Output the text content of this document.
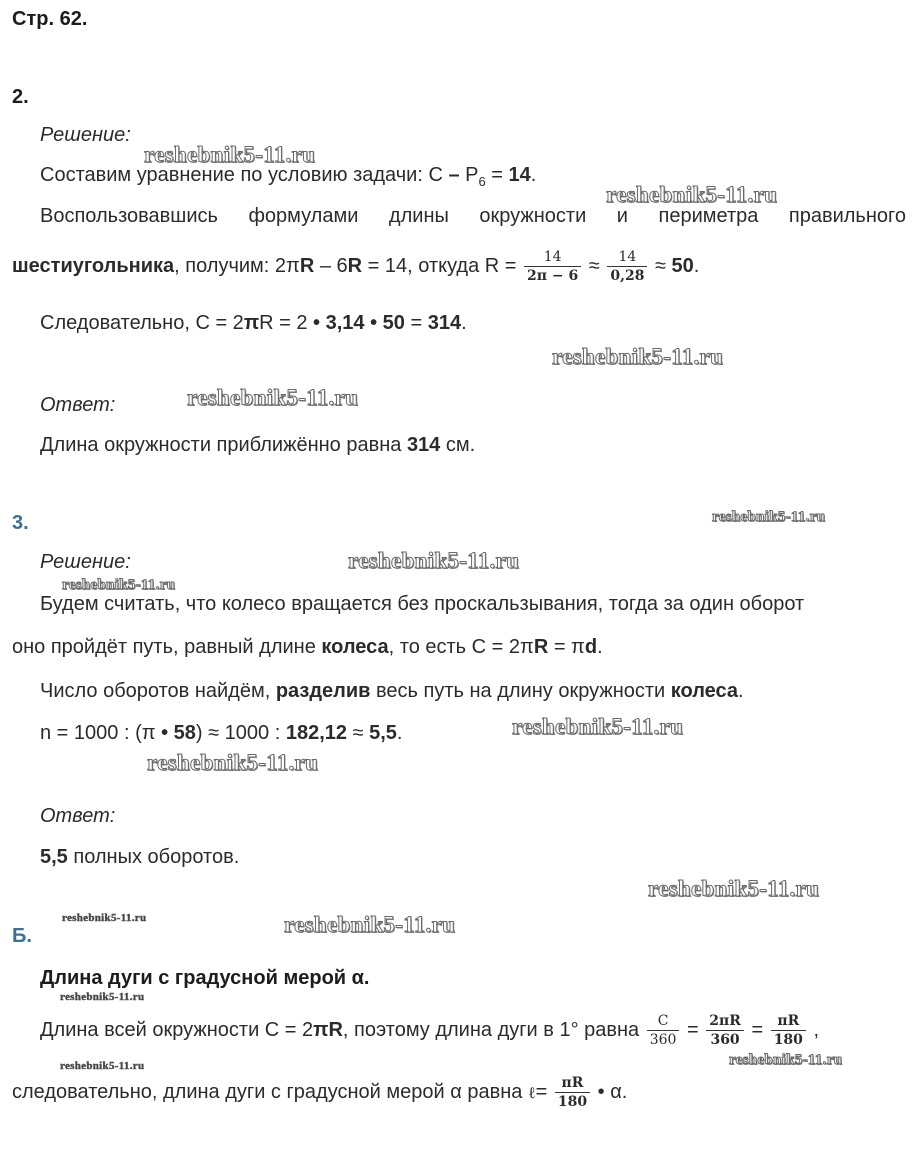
Стр. 62.
2.
Решение:
Составим уравнение по условию задачи: $С - Р_6 = 14$.
Воспользовавшись формулами длины окружности и периметра правильного
шестиугольника, получим: 2πR – 6R = 14, откуда $R = \frac{14}{2\pi - 6} \approx \frac{14}{0,28} \approx 50$.
Следовательно, С = 2πR = 2 • 3,14 • 50 = 314.
Ответ:
Длина окружности приближённо равна 314 см.
3.
Решение:
Будем считать, что колесо вращается без проскальзывания, тогда за один оборот
оно пройдёт путь, равный длине колеса, то есть С = 2πR = πd.
Число оборотов найдём, разделив весь путь на длину окружности колеса.
n = 1000 : (π • 58) ≈ 1000 : 182,12 ≈ 5,5.
Ответ:
5,5 полных оборотов.
Б.
Длина дуги с градусной мерой α.
Длина всей окружности С = 2πR, поэтому длина дуги в 1° равна $\frac{C}{360} = \frac{2\pi R}{360} = \frac{\pi R}{180}$ ,
следовательно, длина дуги с градусной мерой α равна ℓ= $\frac{\pi R}{180}$ • α.
reshebnik5-11.ru
reshebnik5-11.ru
reshebnik5-11.ru
reshebnik5-11.ru
reshebnik5-11.ru
reshebnik5-11.ru
reshebnik5-11.ru
reshebnik5-11.ru
reshebnik5-11.ru
reshebnik5-11.ru
reshebnik5-11.ru	reshebnik5-11.ru
reshebnik5-11.ru
reshebnik5-11.ru
reshebnik5-11.ru
